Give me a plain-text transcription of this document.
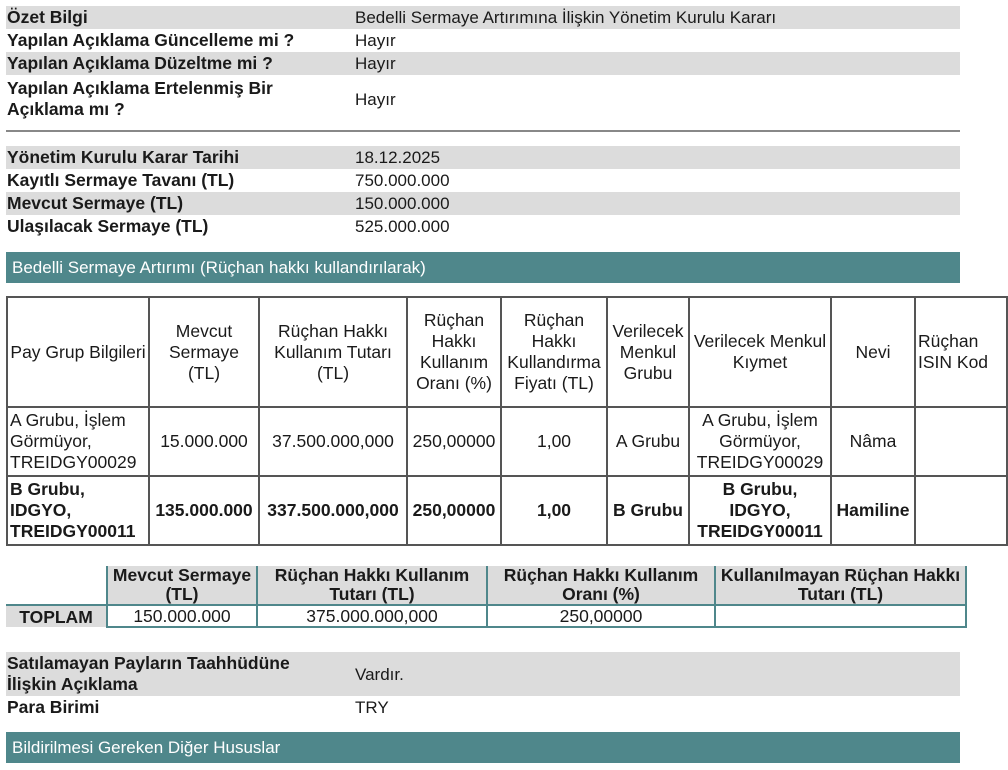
Özet Bilgi	Bedelli Sermaye Artırımına İlişkin Yönetim Kurulu Kararı
Yapılan Açıklama Güncelleme mi ?	Hayır
Yapılan Açıklama Düzeltme mi ?	Hayır
Yapılan Açıklama Ertelenmiş Bir Açıklama mı ?	Hayır
Yönetim Kurulu Karar Tarihi	18.12.2025
Kayıtlı Sermaye Tavanı (TL)	750.000.000
Mevcut Sermaye (TL)	150.000.000
Ulaşılacak Sermaye (TL)	525.000.000
Bedelli Sermaye Artırımı (Rüçhan hakkı kullandırılarak)
Pay Grup Bilgileri	Mevcut Sermaye (TL)	Rüçhan Hakkı Kullanım Tutarı (TL)	Rüçhan Hakkı Kullanım Oranı (%)	Rüçhan Hakkı Kullandırma Fiyatı (TL)	Verilecek Menkul Grubu	Verilecek Menkul Kıymet	Nevi	Rüçhan ISIN Kod
A Grubu, İşlem Görmüyor, TREIDGY00029	15.000.000	37.500.000,000	250,00000	1,00	A Grubu	A Grubu, İşlem Görmüyor, TREIDGY00029	Nâma	
B Grubu, IDGYO, TREIDGY00011	135.000.000	337.500.000,000	250,00000	1,00	B Grubu	B Grubu, IDGYO, TREIDGY00011	Hamiline	
	Mevcut Sermaye (TL)	Rüçhan Hakkı Kullanım Tutarı (TL)	Rüçhan Hakkı Kullanım Oranı (%)	Kullanılmayan Rüçhan Hakkı Tutarı (TL)
TOPLAM	150.000.000	375.000.000,000	250,00000	
Satılamayan Payların Taahhüdüne İlişkin Açıklama	Vardır.
Para Birimi	TRY
Bildirilmesi Gereken Diğer Hususlar
